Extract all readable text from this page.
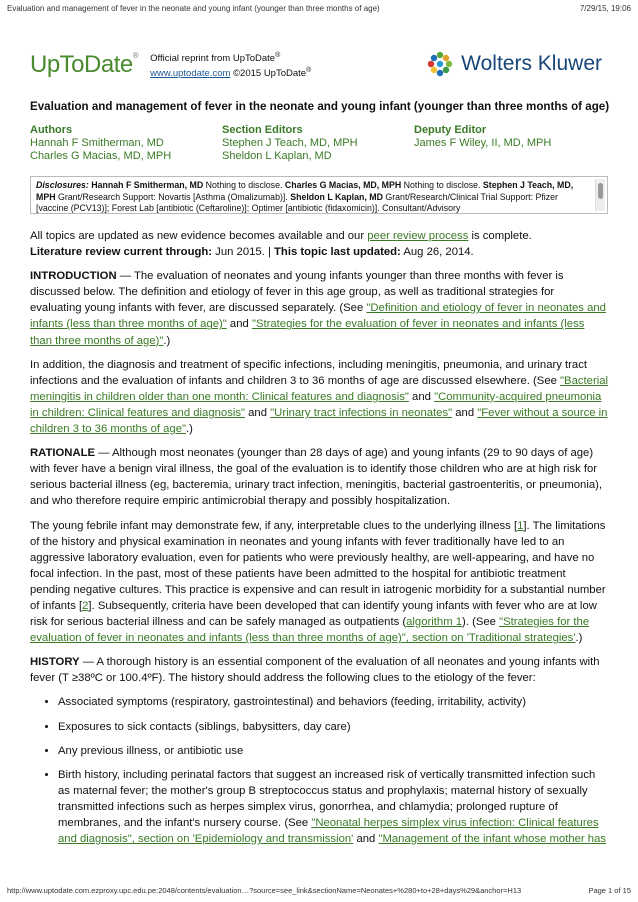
Evaluation and management of fever in the neonate and young infant (younger than three months of age)	7/29/15, 19:06
UpToDate® Official reprint from UpToDate®
www.uptodate.com ©2015 UpToDate®	Wolters Kluwer
Evaluation and management of fever in the neonate and young infant (younger than three months of age)
Authors
Hannah F Smitherman, MD
Charles G Macias, MD, MPH
Section Editors
Stephen J Teach, MD, MPH
Sheldon L Kaplan, MD
Deputy Editor
James F Wiley, II, MD, MPH
Disclosures: Hannah F Smitherman, MD Nothing to disclose. Charles G Macias, MD, MPH Nothing to disclose. Stephen J Teach, MD, MPH Grant/Research Support: Novartis [Asthma (Omalizumab)]. Sheldon L Kaplan, MD Grant/Research/Clinical Trial Support: Pfizer [vaccine (PCV13)]; Forest Lab [antibiotic (Ceftaroline)]; Optimer [antibiotic (fidaxomicin)]. Consultant/Advisory

All topics are updated as new evidence becomes available and our peer review process is complete.
Literature review current through: Jun 2015. | This topic last updated: Aug 26, 2014.

INTRODUCTION — The evaluation of neonates and young infants younger than three months with fever is discussed below. The definition and etiology of fever in this age group, as well as traditional strategies for evaluating young infants with fever, are discussed separately. (See "Definition and etiology of fever in neonates and infants (less than three months of age)" and "Strategies for the evaluation of fever in neonates and infants (less than three months of age)".)

In addition, the diagnosis and treatment of specific infections, including meningitis, pneumonia, and urinary tract infections and the evaluation of infants and children 3 to 36 months of age are discussed elsewhere. (See "Bacterial meningitis in children older than one month: Clinical features and diagnosis" and "Community-acquired pneumonia in children: Clinical features and diagnosis" and "Urinary tract infections in neonates" and "Fever without a source in children 3 to 36 months of age".)

RATIONALE — Although most neonates (younger than 28 days of age) and young infants (29 to 90 days of age) with fever have a benign viral illness, the goal of the evaluation is to identify those children who are at high risk for serious bacterial illness (eg, bacteremia, urinary tract infection, meningitis, bacterial gastroenteritis, or pneumonia), and who therefore require empiric antimicrobial therapy and possibly hospitalization.

The young febrile infant may demonstrate few, if any, interpretable clues to the underlying illness [1]. The limitations of the history and physical examination in neonates and young infants with fever traditionally have led to an aggressive laboratory evaluation, even for patients who were previously healthy, are well-appearing, and have no focal infection. In the past, most of these patients have been admitted to the hospital for antibiotic treatment pending negative cultures. This practice is expensive and can result in iatrogenic morbidity for a substantial number of infants [2]. Subsequently, criteria have been developed that can identify young infants with fever who are at low risk for serious bacterial illness and can be safely managed as outpatients (algorithm 1). (See "Strategies for the evaluation of fever in neonates and infants (less than three months of age)", section on 'Traditional strategies'.)

HISTORY — A thorough history is an essential component of the evaluation of all neonates and young infants with fever (T ≥38ºC or 100.4ºF). The history should address the following clues to the etiology of the fever:

• Associated symptoms (respiratory, gastrointestinal) and behaviors (feeding, irritability, activity)
• Exposures to sick contacts (siblings, babysitters, day care)
• Any previous illness, or antibiotic use
• Birth history, including perinatal factors that suggest an increased risk of vertically transmitted infection such as maternal fever; the mother's group B streptococcus status and prophylaxis; maternal history of sexually transmitted infections such as herpes simplex virus, gonorrhea, and chlamydia; prolonged rupture of membranes, and the infant's nursery course. (See "Neonatal herpes simplex virus infection: Clinical features and diagnosis", section on 'Epidemiology and transmission' and "Management of the infant whose mother has
http://www.uptodate.com.ezproxy.upc.edu.pe:2048/contents/evaluation…?source=see_link&sectionName=Neonates+%280+to+28+days%29&anchor=H13	Page 1 of 15
